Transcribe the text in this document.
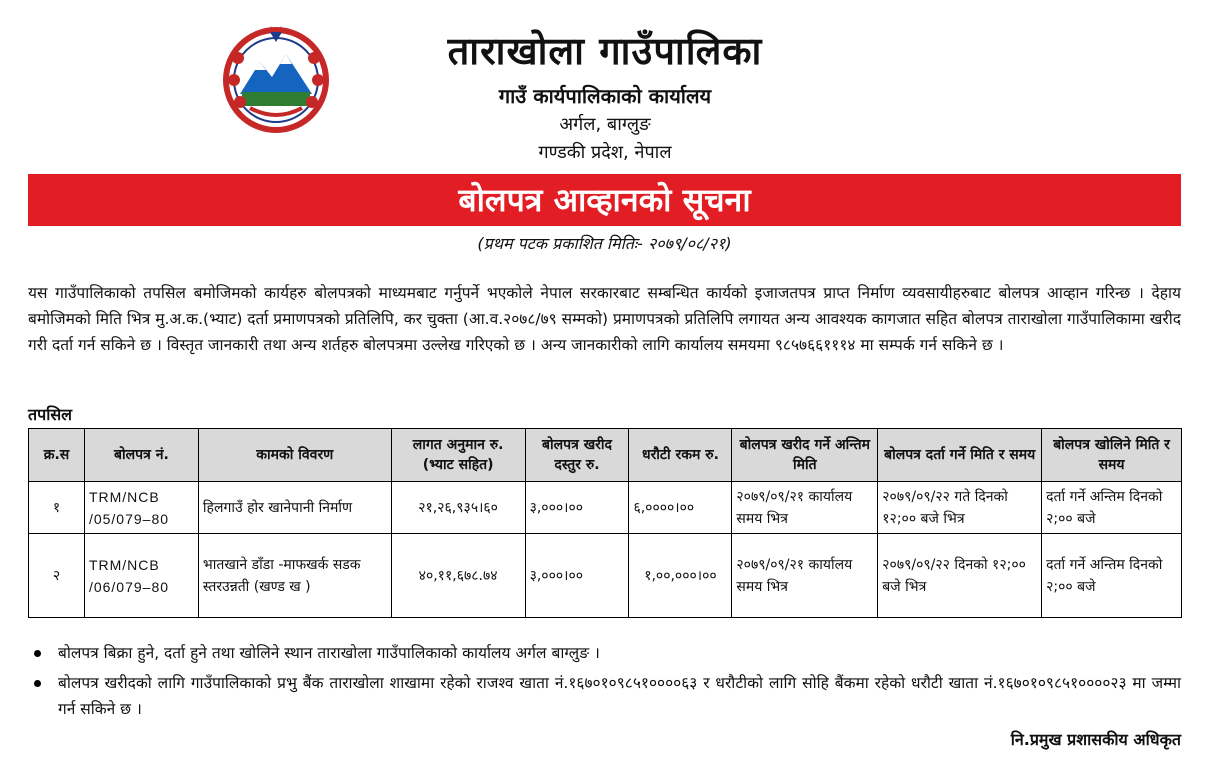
ताराखोला गाउँपालिका
गाउँ कार्यपालिकाको कार्यालय
अर्गल, बाग्लुङ
गण्डकी प्रदेश, नेपाल
बोलपत्र आव्हानको सूचना
(प्रथम पटक प्रकाशित मितिः- २०७९/०८/२१)
यस गाउँपालिकाको तपसिल बमोजिमको कार्यहरु बोलपत्रको माध्यमबाट गर्नुपर्ने भएकोले नेपाल सरकारबाट सम्बन्धित कार्यको इजाजतपत्र प्राप्त निर्माण व्यवसायीहरुबाट बोलपत्र आव्हान गरिन्छ । देहाय बमोजिमको मिति भित्र मु.अ.क.(भ्याट) दर्ता प्रमाणपत्रको प्रतिलिपि, कर चुक्ता (आ.व.२०७८/७९ सम्मको) प्रमाणपत्रको प्रतिलिपि लगायत अन्य आवश्यक कागजात सहित बोलपत्र ताराखोला गाउँपालिकामा खरीद गरी दर्ता गर्न सकिने छ । विस्तृत जानकारी तथा अन्य शर्तहरु बोलपत्रमा उल्लेख गरिएको छ । अन्य जानकारीको लागि कार्यालय समयमा ९८५७६६१११४ मा सम्पर्क गर्न सकिने छ ।
तपसिल
क्र.स	बोलपत्र नं.	कामको विवरण	लागत अनुमान रु. (भ्याट सहित)	बोलपत्र खरीद दस्तुर रु.	धरौटी रकम रु.	बोलपत्र खरीद गर्ने अन्तिम मिति	बोलपत्र दर्ता गर्ने मिति र समय	बोलपत्र खोलिने मिति र समय
१	TRM/NCB /05/079–80	हिलगाउँ होर खानेपानी निर्माण	२१,२६,९३५।६०	३,०००।००	६,००००।००	२०७९/०९/२१ कार्यालय समय भित्र	२०७९/०९/२२ गते दिनको १२;०० बजे भित्र	दर्ता गर्ने अन्तिम दिनको २;०० बजे
२	TRM/NCB /06/079–80	भातखाने डाँडा -माफखर्क सडक स्तरउन्नती (खण्ड ख )	४०,११,६७८.७४	३,०००।००	१,००,०००।००	२०७९/०९/२१ कार्यालय समय भित्र	२०७९/०९/२२ दिनको १२;०० बजे भित्र	दर्ता गर्ने अन्तिम दिनको २;०० बजे
बोलपत्र बिक्रा हुने, दर्ता हुने तथा खोलिने स्थान ताराखोला गाउँपालिकाको कार्यालय अर्गल बाग्लुङ ।
बोलपत्र खरीदको लागि गाउँपालिकाको प्रभु बैंक ताराखोला शाखामा रहेको राजश्व खाता नं.१६७०१०९८५१००००६३ र धरौटीको लागि सोहि बैंकमा रहेको धरौटी खाता नं.१६७०१०९८५१००००२३ मा जम्मा गर्न सकिने छ ।
नि.प्रमुख प्रशासकीय अधिकृत
